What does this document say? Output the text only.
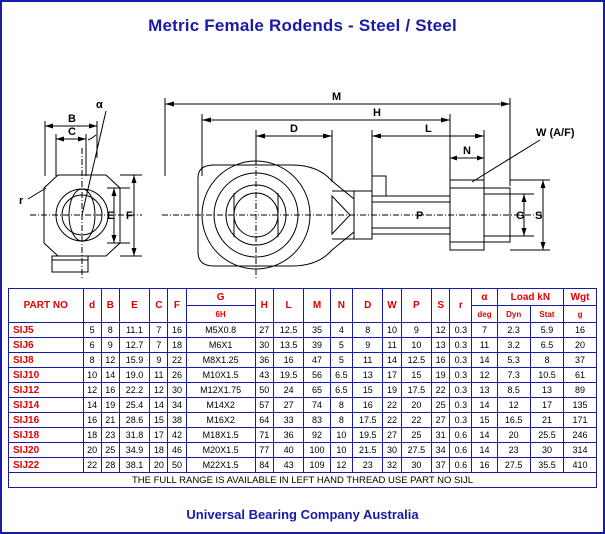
Metric Female Rodends - Steel / Steel
α
B
C
r
E F
M
H
D	L
N
W (A/F)
P	G S
PART NO	d	B	E	C	F	G	H	L	M	N	D	W	P	S	r	α	Load kN		Wgt
						6H										deg	Dyn	Stat	g
SIJ5	5	8	11.1	7	16	M5X0.8	27	12.5	35	4	8	10	9	12	0.3	7	2.3	5.9	16
SIJ6	6	9	12.7	7	18	M6X1	30	13.5	39	5	9	11	10	13	0.3	11	3.2	6.5	20
SIJ8	8	12	15.9	9	22	M8X1.25	36	16	47	5	11	14	12.5	16	0.3	14	5.3	8	37
SIJ10	10	14	19.0	11	26	M10X1.5	43	19.5	56	6.5	13	17	15	19	0.3	12	7.3	10.5	61
SIJ12	12	16	22.2	12	30	M12X1.75	50	24	65	6.5	15	19	17.5	22	0.3	13	8.5	13	89
SIJ14	14	19	25.4	14	34	M14X2	57	27	74	8	16	22	20	25	0.3	14	12	17	135
SIJ16	16	21	28.6	15	38	M16X2	64	33	83	8	17.5	22	22	27	0.3	15	16.5	21	171
SIJ18	18	23	31.8	17	42	M18X1.5	71	36	92	10	19.5	27	25	31	0.6	14	20	25.5	246
SIJ20	20	25	34.9	18	46	M20X1.5	77	40	100	10	21.5	30	27.5	34	0.6	14	23	30	314
SIJ22	22	28	38.1	20	50	M22X1.5	84	43	109	12	23	32	30	37	0.6	16	27.5	35.5	410
THE FULL RANGE IS AVAILABLE IN LEFT HAND THREAD USE PART NO SIJL																			
Universal Bearing Company Australia
